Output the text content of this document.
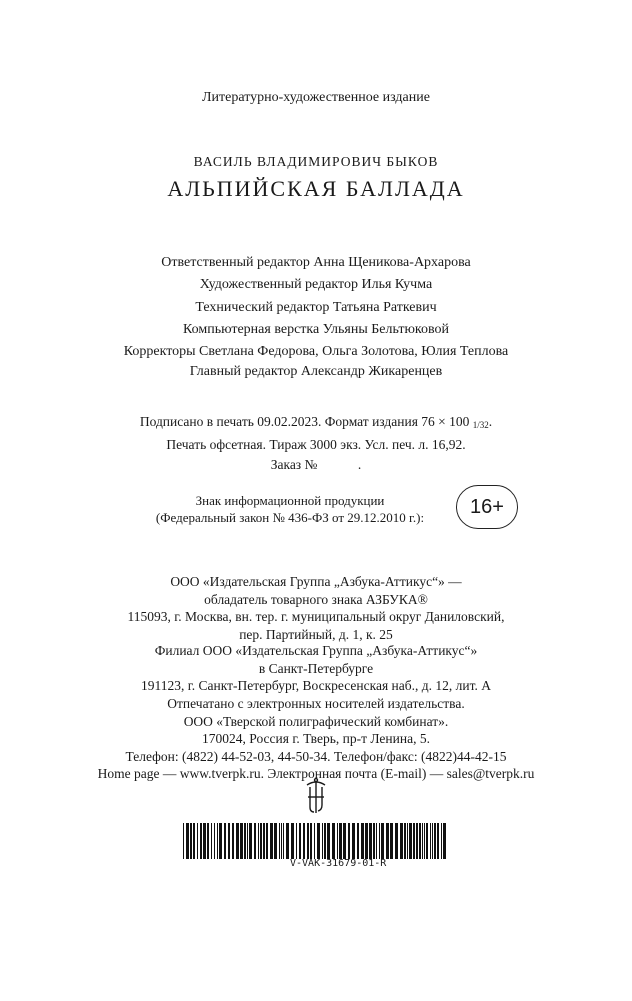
Литературно-художественное издание
ВАСИЛЬ ВЛАДИМИРОВИЧ БЫКОВ
АЛЬПИЙСКАЯ БАЛЛАДА
Ответственный редактор Анна Щеникова-Архарова
Художественный редактор Илья Кучма
Технический редактор Татьяна Раткевич
Компьютерная верстка Ульяны Бельтюковой
Корректоры Светлана Федорова, Ольга Золотова, Юлия Теплова
Главный редактор Александр Жикаренцев
Подписано в печать 09.02.2023. Формат издания 76 × 100 $_{1/32}$.
Печать офсетная. Тираж 3000 экз. Усл. печ. л. 16,92.
Заказ №            .
Знак информационной продукции
(Федеральный закон № 436-ФЗ от 29.12.2010 г.):	16+
ООО «Издательская Группа „Азбука-Аттикус“» —
обладатель товарного знака АЗБУКА®
115093, г. Москва, вн. тер. г. муниципальный округ Даниловский,
пер. Партийный, д. 1, к. 25
Филиал ООО «Издательская Группа „Азбука-Аттикус“»
в Санкт-Петербурге
191123, г. Санкт-Петербург, Воскресенская наб., д. 12, лит. А
Отпечатано с электронных носителей издательства.
ООО «Тверской полиграфический комбинат».
170024, Россия г. Тверь, пр-т Ленина, 5.
Телефон: (4822) 44-52-03, 44-50-34. Телефон/факс: (4822)44-42-15
Home page — www.tverpk.ru. Электронная почта (E-mail) — sales@tverpk.ru
V-VAK-31679-01-R
